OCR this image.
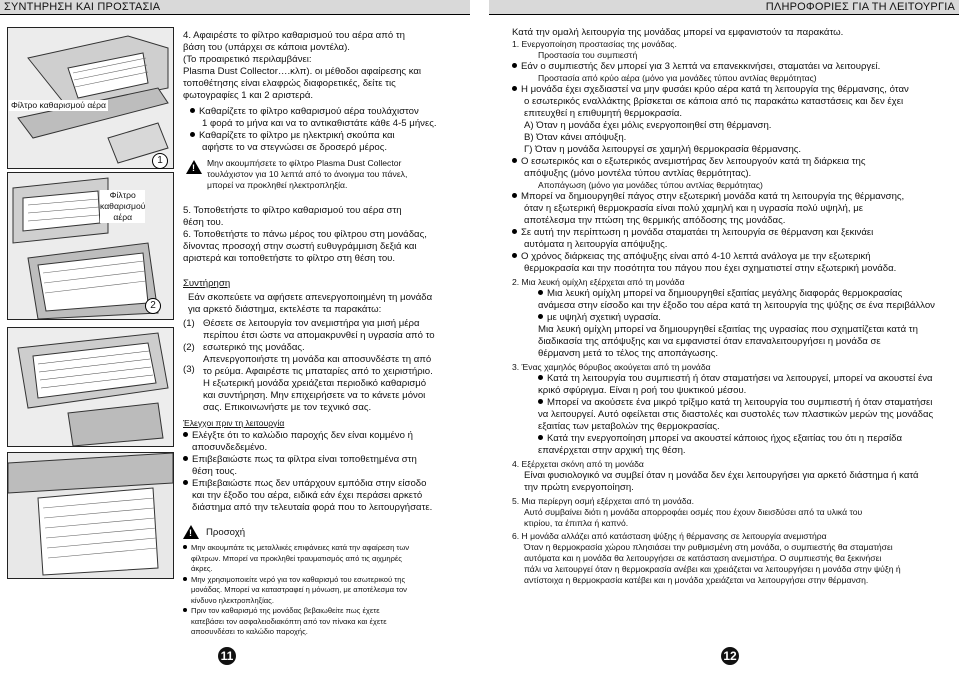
ΣΥΝΤΗΡΗΣΗ ΚΑΙ ΠΡΟΣΤΑΣΙΑ	ΠΛΗΡΟΦΟΡΙΕΣ ΓΙΑ ΤΗ ΛΕΙΤΟΥΡΓΙΑ
Φίλτρο καθαρισμού αέρα
1
Φίλτρο
καθαρισμού
αέρα
2

4. Αφαιρέστε το φίλτρο καθαρισμού του αέρα από τη

βάση του (υπάρχει σε κάποια μοντέλα).

(Το προαιρετικό περιλαμβάνει:

Plasma Dust Collector….κλπ). οι μέθοδοι αφαίρεσης και

τοποθέτησης είναι ελαφρώς διαφορετικές, δείτε τις

φωτογραφίες 1 και 2 αριστερά.

Καθαρίζετε το φίλτρο καθαρισμού αέρα τουλάχιστον

1 φορά το μήνα και να το αντικαθιστάτε κάθε 4-5 μήνες.

Καθαρίζετε το φίλτρο με ηλεκτρική σκούπα και

αφήστε το να στεγνώσει σε δροσερό μέρος.

!

Μην ακουμπήσετε το φίλτρο Plasma Dust Collector

τουλάχιστον για 10 λεπτά από το άνοιγμα του πάνελ,

μπορεί να προκληθεί ηλεκτροπληξία.

5. Τοποθετήστε το φίλτρο καθαρισμού του αέρα στη

θέση του.

6. Τοποθετήστε το πάνω μέρος του φίλτρου στη μονάδας,

δίνοντας προσοχή στην σωστή ευθυγράμμιση δεξιά και

αριστερά και τοποθετήστε το φίλτρο στη θέση του.

Συντήρηση

Εάν σκοπεύετε να αφήσετε απενεργοποιημένη τη μονάδα

για αρκετό διάστημα, εκτελέστε τα παρακάτω:

(1)
(2)
(3)

Θέσετε σε λειτουργία τον ανεμιστήρα για μισή μέρα

περίπου έτσι ώστε να απομακρυνθεί η υγρασία από το

εσωτερικό της μονάδας.

Απενεργοποιήστε τη μονάδα και αποσυνδέστε τη από

το ρεύμα. Αφαιρέστε τις μπαταρίες από το χειριστήριο.

Η εξωτερική μονάδα χρειάζεται περιοδικό καθαρισμό

και συντήρηση. Μην επιχειρήσετε να το κάνετε μόνοι

σας. Επικοινωνήστε με τον τεχνικό σας.

Έλεγχοι πριν τη λειτουργία

Ελέγξτε ότι το καλώδιο παροχής δεν είναι κομμένο ή

αποσυνδεδεμένο.

Επιβεβαιώστε πως τα φίλτρα είναι τοποθετημένα στη

θέση τους.

Επιβεβαιώστε πως δεν υπάρχουν εμπόδια στην είσοδο

και την έξοδο του αέρα, ειδικά εάν έχει περάσει αρκετό

διάστημα από την τελευταία φορά που το λειτουργήσατε.

!
Προσοχή

Μην ακουμπάτε τις μεταλλικές επιφάνειες κατά την αφαίρεση των

φίλτρων. Μπορεί να προκληθεί τραυματισμός από τις αιχμηρές

άκρες.

Μην χρησιμοποιείτε νερό για τον καθαρισμό του εσωτερικού της

μονάδας. Μπορεί να καταστραφεί η μόνωση, με αποτέλεσμα τον

κίνδυνο ηλεκτροπληξίας.

Πριν τον καθαρισμό της μονάδας βεβαιωθείτε πως έχετε

κατεβάσει τον ασφαλειοδιακόπτη από τον πίνακα και έχετε

αποσυνδέσει το καλώδιο παροχής.

11

Κατά την ομαλή λειτουργία της μονάδας μπορεί να εμφανιστούν τα παρακάτω.

1. Ενεργοποίηση προστασίας της μονάδας.

Προστασία του συμπιεστή

Εάν ο συμπιεστής δεν μπορεί για 3 λεπτά να επανεκκινήσει, σταματάει να λειτουργεί.

Προστασία από κρύο αέρα (μόνο για μονάδες τύπου αντλίας θερμότητας)

Η μονάδα έχει σχεδιαστεί να μην φυσάει κρύο αέρα κατά τη λειτουργία της θέρμανσης, όταν

ο εσωτερικός εναλλάκτης βρίσκεται σε κάποια από τις παρακάτω καταστάσεις και δεν έχει

επιτευχθεί η επιθυμητή θερμοκρασία.

Α) Όταν η μονάδα έχει μόλις ενεργοποιηθεί στη θέρμανση.

Β) Όταν κάνει απόψυξη.

Γ) Όταν η μονάδα λειτουργεί σε χαμηλή θερμοκρασία θέρμανσης.

Ο εσωτερικός και ο εξωτερικός ανεμιστήρας δεν λειτουργούν κατά τη διάρκεια της

απόψυξης (μόνο μοντέλα τύπου αντλίας θερμότητας).

Αποπάγωση (μόνο για μονάδες τύπου αντλίας θερμότητας)

Μπορεί να δημιουργηθεί πάγος στην εξωτερική μονάδα κατά τη λειτουργία της θέρμανσης,

όταν η εξωτερική θερμοκρασία είναι πολύ χαμηλή και η υγρασία πολύ υψηλή, με

αποτέλεσμα την πτώση της θερμικής απόδοσης της μονάδας.

Σε αυτή την περίπτωση η μονάδα σταματάει τη λειτουργία σε θέρμανση και ξεκινάει

αυτόματα η λειτουργία απόψυξης.

Ο χρόνος διάρκειας της απόψυξης είναι από 4-10 λεπτά ανάλογα με την εξωτερική

θερμοκρασία και την ποσότητα του πάγου που έχει σχηματιστεί στην εξωτερική μονάδα.

2. Μια λευκή ομίχλη εξέρχεται από τη μονάδα

Μια λευκή ομίχλη μπορεί να δημιουργηθεί εξαιτίας μεγάλης διαφοράς θερμοκρασίας

ανάμεσα στην είσοδο και την έξοδο του αέρα κατά τη λειτουργία της ψύξης σε ένα περιβάλλον

με υψηλή σχετική υγρασία.

Μια λευκή ομίχλη μπορεί να δημιουργηθεί εξαιτίας της υγρασίας που σχηματίζεται κατά τη

διαδικασία της απόψυξης και να εμφανιστεί όταν επαναλειτουργήσει η μονάδα σε

θέρμανση μετά το τέλος της αποπάγωσης.

3. Ένας χαμηλός θόρυβος ακούγεται από τη μονάδα

Κατά τη λειτουργία του συμπιεστή ή όταν σταματήσει να λειτουργεί, μπορεί να ακουστεί ένα

κρικό σφύριγμα. Είναι η ροή του ψυκτικού μέσου.

Μπορεί να ακούσετε ένα μικρό τρίξιμο κατά τη λειτουργία του συμπιεστή ή όταν σταματήσει

να λειτουργεί. Αυτό οφείλεται στις διαστολές και συστολές των πλαστικών μερών της μονάδας

εξαιτίας των μεταβολών της θερμοκρασίας.

Κατά την ενεργοποίηση μπορεί να ακουστεί κάποιος ήχος εξαιτίας του ότι η περσίδα

επανέρχεται στην αρχική της θέση.

4. Εξέρχεται σκόνη από τη μονάδα

Είναι φυσιολογικό να συμβεί όταν η μονάδα δεν έχει λειτουργήσει για αρκετό διάστημα ή κατά

την πρώτη ενεργοποίηση.

5. Μια περίεργη οσμή εξέρχεται από τη μονάδα.

Αυτό συμβαίνει διότι η μονάδα απορροφάει οσμές που έχουν διεισδύσει από τα υλικά του

κτιρίου, τα έπιπλα ή καπνό.

6. Η μονάδα αλλάζει από κατάσταση ψύξης ή θέρμανσης σε λειτουργία ανεμιστήρα

Όταν η θερμοκρασία χώρου πλησιάσει την ρυθμισμένη στη μονάδα, ο συμπιεστής θα σταματήσει

αυτόματα και η μονάδα θα λειτουργήσει σε κατάσταση ανεμιστήρα. Ο συμπιεστής θα ξεκινήσει

πάλι να λειτουργεί όταν η θερμοκρασία ανέβει και χρειάζεται να λειτουργήσει η μονάδα στην ψύξη ή

αντίστοιχα η θερμοκρασία κατέβει και η μονάδα χρειάζεται να λειτουργήσει στην θέρμανση.

12
